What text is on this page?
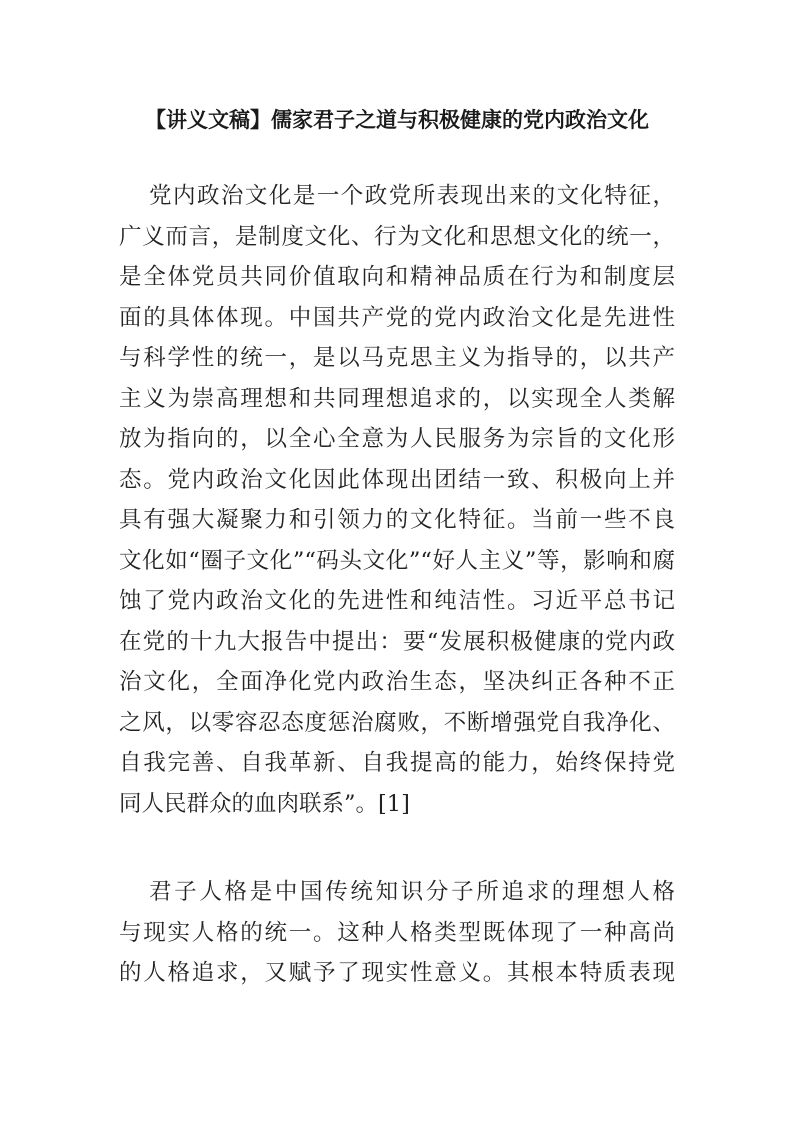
【讲义文稿】儒家君子之道与积极健康的党内政治文化
党内政治文化是一个政党所表现出来的文化特征，
广义而言，是制度文化、行为文化和思想文化的统一，
是全体党员共同价值取向和精神品质在行为和制度层
面的具体体现。中国共产党的党内政治文化是先进性
与科学性的统一，是以马克思主义为指导的，以共产
主义为崇高理想和共同理想追求的，以实现全人类解
放为指向的，以全心全意为人民服务为宗旨的文化形
态。党内政治文化因此体现出团结一致、积极向上并
具有强大凝聚力和引领力的文化特征。当前一些不良
文化如“圈子文化”“码头文化”“好人主义”等，影响和腐
蚀了党内政治文化的先进性和纯洁性。习近平总书记
在党的十九大报告中提出：要“发展积极健康的党内政
治文化，全面净化党内政治生态，坚决纠正各种不正
之风，以零容忍态度惩治腐败，不断增强党自我净化、
自我完善、自我革新、自我提高的能力，始终保持党
同人民群众的血肉联系”。[1]
君子人格是中国传统知识分子所追求的理想人格
与现实人格的统一。这种人格类型既体现了一种高尚
的人格追求，又赋予了现实性意义。其根本特质表现
